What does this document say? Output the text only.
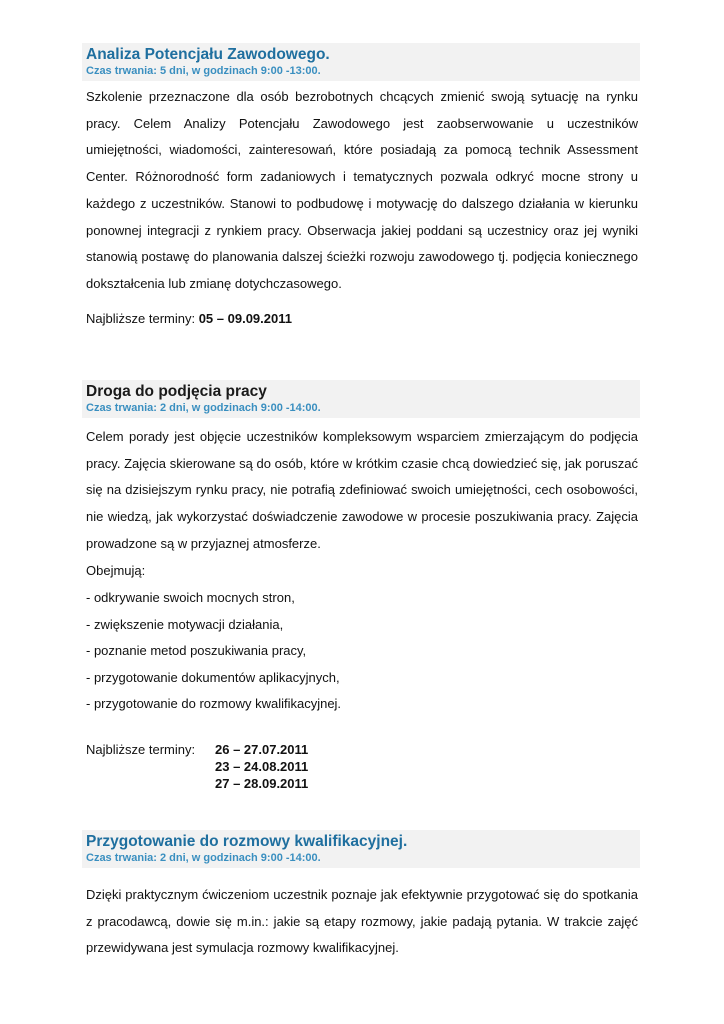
Analiza Potencjału Zawodowego.
Czas trwania: 5 dni, w godzinach 9:00 -13:00.

Szkolenie przeznaczone dla osób bezrobotnych chcących zmienić swoją sytuację na rynku pracy. Celem Analizy Potencjału Zawodowego jest zaobserwowanie u uczestników umiejętności, wiadomości, zainteresowań, które posiadają za pomocą technik Assessment Center. Różnorodność form zadaniowych i tematycznych pozwala odkryć mocne strony u każdego z uczestników. Stanowi to podbudowę i motywację do dalszego działania w kierunku ponownej integracji z rynkiem pracy. Obserwacja jakiej poddani są uczestnicy oraz jej wyniki stanowią postawę do planowania dalszej ścieżki rozwoju zawodowego tj. podjęcia koniecznego dokształcenia lub zmianę dotychczasowego.

Najbliższe terminy: 05 – 09.09.2011

Droga do podjęcia pracy
Czas trwania: 2 dni, w godzinach 9:00 -14:00.

Celem porady jest objęcie uczestników kompleksowym wsparciem zmierzającym do podjęcia pracy. Zajęcia skierowane są do osób, które w krótkim czasie chcą dowiedzieć się, jak poruszać się na dzisiejszym rynku pracy, nie potrafią zdefiniować swoich umiejętności, cech osobowości, nie wiedzą, jak wykorzystać doświadczenie zawodowe w procesie poszukiwania pracy. Zajęcia prowadzone są w przyjaznej atmosferze.

Obejmują:

- odkrywanie swoich mocnych stron,

- zwiększenie motywacji działania,

- poznanie metod poszukiwania pracy,

- przygotowanie dokumentów aplikacyjnych,

- przygotowanie do rozmowy kwalifikacyjnej.

Najbliższe terminy: 26 – 27.07.2011
23 – 24.08.2011
27 – 28.09.2011
Przygotowanie do rozmowy kwalifikacyjnej.
Czas trwania: 2 dni, w godzinach 9:00 -14:00.

Dzięki praktycznym ćwiczeniom uczestnik poznaje jak efektywnie przygotować się do spotkania z pracodawcą, dowie się m.in.: jakie są etapy rozmowy, jakie padają pytania. W trakcie zajęć przewidywana jest symulacja rozmowy kwalifikacyjnej.
